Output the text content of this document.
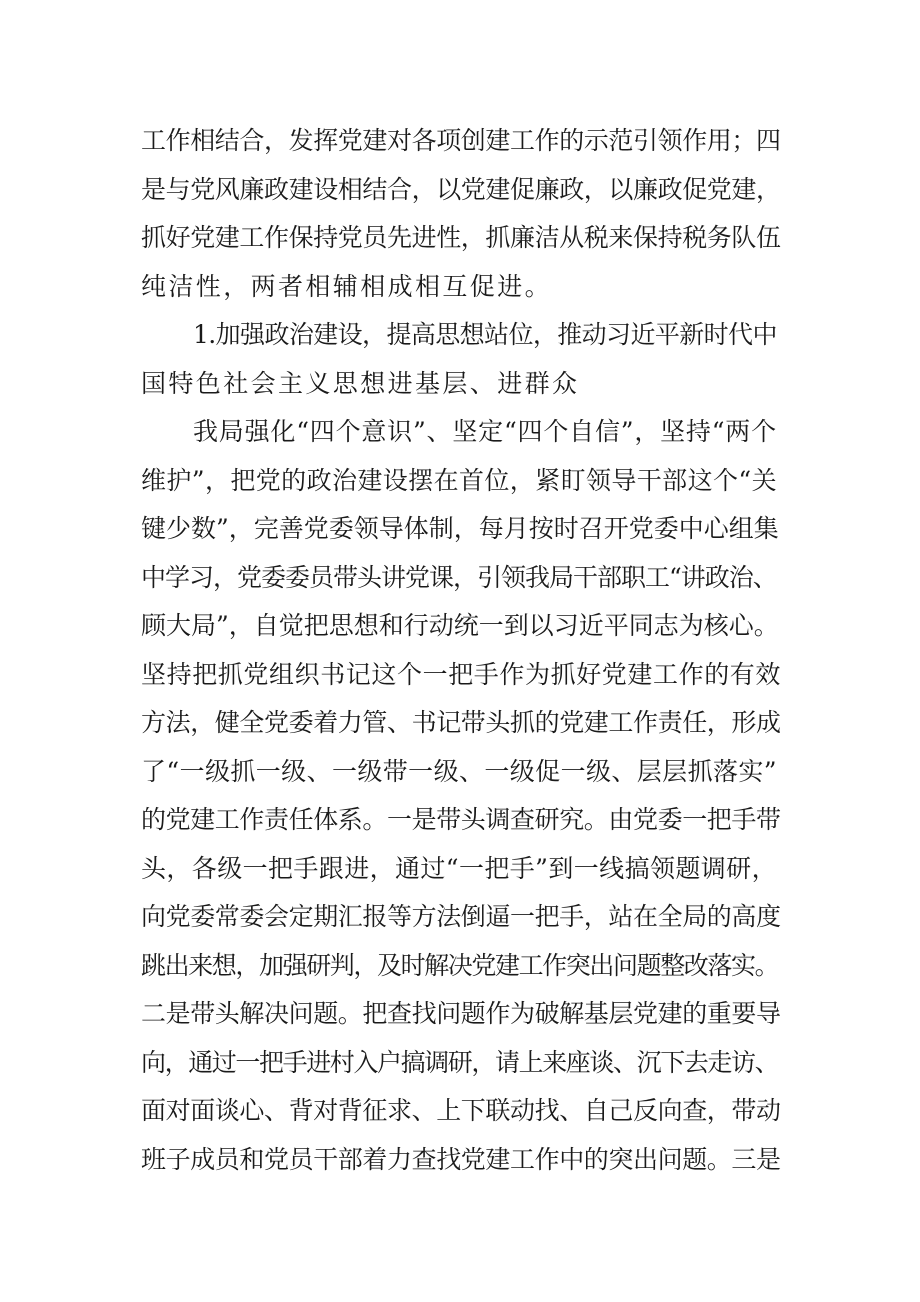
工作相结合，发挥党建对各项创建工作的示范引领作用；四
是与党风廉政建设相结合，以党建促廉政，以廉政促党建，
抓好党建工作保持党员先进性，抓廉洁从税来保持税务队伍
纯洁性，两者相辅相成相互促进。
1.加强政治建设，提高思想站位，推动习近平新时代中
国特色社会主义思想进基层、进群众
我局强化“四个意识”、坚定“四个自信”，坚持“两个
维护”，把党的政治建设摆在首位，紧盯领导干部这个“关
键少数”，完善党委领导体制，每月按时召开党委中心组集
中学习，党委委员带头讲党课，引领我局干部职工“讲政治、
顾大局”，自觉把思想和行动统一到以习近平同志为核心。
坚持把抓党组织书记这个一把手作为抓好党建工作的有效
方法，健全党委着力管、书记带头抓的党建工作责任，形成
了“一级抓一级、一级带一级、一级促一级、层层抓落实”
的党建工作责任体系。一是带头调查研究。由党委一把手带
头，各级一把手跟进，通过“一把手”到一线搞领题调研，
向党委常委会定期汇报等方法倒逼一把手，站在全局的高度
跳出来想，加强研判，及时解决党建工作突出问题整改落实。
二是带头解决问题。把查找问题作为破解基层党建的重要导
向，通过一把手进村入户搞调研，请上来座谈、沉下去走访、
面对面谈心、背对背征求、上下联动找、自己反向查，带动
班子成员和党员干部着力查找党建工作中的突出问题。三是
